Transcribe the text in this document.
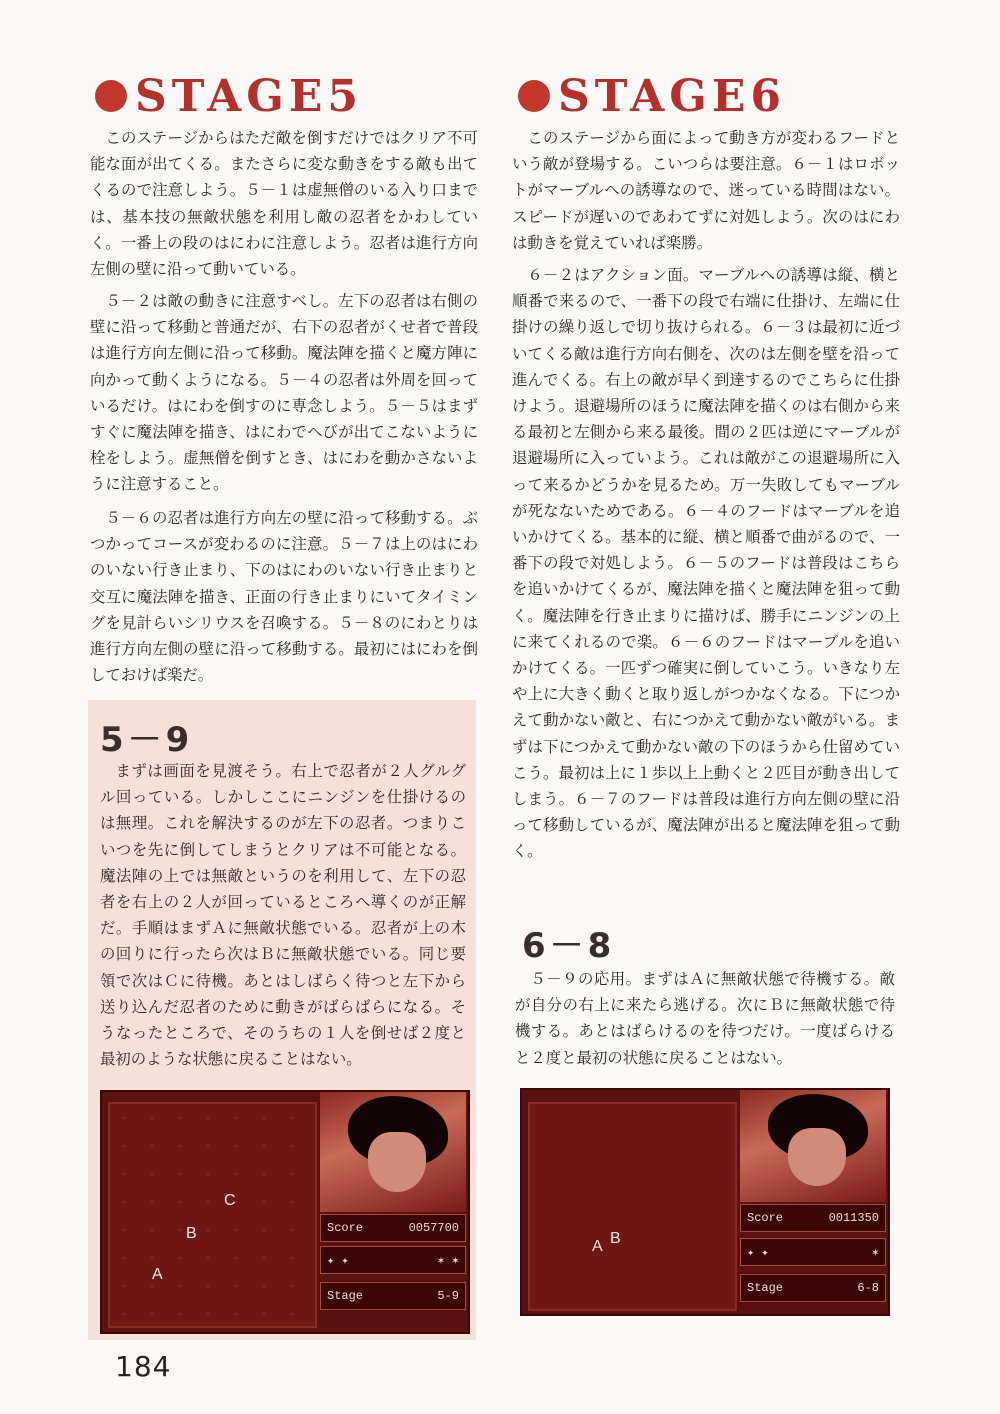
STAGE5

このステージからはただ敵を倒すだけではクリア不可能な面が出てくる。またさらに変な動きをする敵も出てくるので注意しよう。５－１は虚無僧のいる入り口までは、基本技の無敵状態を利用し敵の忍者をかわしていく。一番上の段のはにわに注意しよう。忍者は進行方向左側の壁に沿って動いている。

５－２は敵の動きに注意すべし。左下の忍者は右側の壁に沿って移動と普通だが、右下の忍者がくせ者で普段は進行方向左側に沿って移動。魔法陣を描くと魔方陣に向かって動くようになる。５－４の忍者は外周を回っているだけ。はにわを倒すのに専念しよう。５－５はまずすぐに魔法陣を描き、はにわでへびが出てこないように栓をしよう。虚無僧を倒すとき、はにわを動かさないように注意すること。

５－６の忍者は進行方向左の壁に沿って移動する。ぶつかってコースが変わるのに注意。５－７は上のはにわのいない行き止まり、下のはにわのいない行き止まりと交互に魔法陣を描き、正面の行き止まりにいてタイミングを見計らいシリウスを召喚する。５－８のにわとりは進行方向左側の壁に沿って移動する。最初にはにわを倒しておけば楽だ。

5－9

まずは画面を見渡そう。右上で忍者が２人グルグル回っている。しかしここにニンジンを仕掛けるのは無理。これを解決するのが左下の忍者。つまりこいつを先に倒してしまうとクリアは不可能となる。魔法陣の上では無敵というのを利用して、左下の忍者を右上の２人が回っているところへ導くのが正解だ。手順はまずＡに無敵状態でいる。忍者が上の木の回りに行ったら次はＢに無敵状態でいる。同じ要領で次はＣに待機。あとはしばらく待つと左下から送り込んだ忍者のために動きがばらばらになる。そうなったところで、そのうちの１人を倒せば２度と最初のような状態に戻ることはない。

A
B
C
Score	0057700
✦ ✦	✶ ✶
Stage	5-9
STAGE6

このステージから面によって動き方が変わるフードという敵が登場する。こいつらは要注意。６－１はロボットがマーブルへの誘導なので、迷っている時間はない。スピードが遅いのであわてずに対処しよう。次のはにわは動きを覚えていれば楽勝。

６－２はアクション面。マーブルへの誘導は縦、横と順番で来るので、一番下の段で右端に仕掛け、左端に仕掛けの繰り返しで切り抜けられる。６－３は最初に近づいてくる敵は進行方向右側を、次のは左側を壁を沿って進んでくる。右上の敵が早く到達するのでこちらに仕掛けよう。退避場所のほうに魔法陣を描くのは右側から来る最初と左側から来る最後。間の２匹は逆にマーブルが退避場所に入っていよう。これは敵がこの退避場所に入って来るかどうかを見るため。万一失敗してもマーブルが死なないためである。６－４のフードはマーブルを追いかけてくる。基本的に縦、横と順番で曲がるので、一番下の段で対処しよう。６－５のフードは普段はこちらを追いかけてくるが、魔法陣を描くと魔法陣を狙って動く。魔法陣を行き止まりに描けば、勝手にニンジンの上に来てくれるので楽。６－６のフードはマーブルを追いかけてくる。一匹ずつ確実に倒していこう。いきなり左や上に大きく動くと取り返しがつかなくなる。下につかえて動かない敵と、右につかえて動かない敵がいる。まずは下につかえて動かない敵の下のほうから仕留めていこう。最初は上に１歩以上上動くと２匹目が動き出してしまう。６－７のフードは普段は進行方向左側の壁に沿って移動しているが、魔法陣が出ると魔法陣を狙って動く。

6－8

５－９の応用。まずはＡに無敵状態で待機する。敵が自分の右上に来たら逃げる。次にＢに無敵状態で待機する。あとはばらけるのを待つだけ。一度ばらけると２度と最初の状態に戻ることはない。

A B
Score	0011350
✦ ✦	✶
Stage	6-8
184
